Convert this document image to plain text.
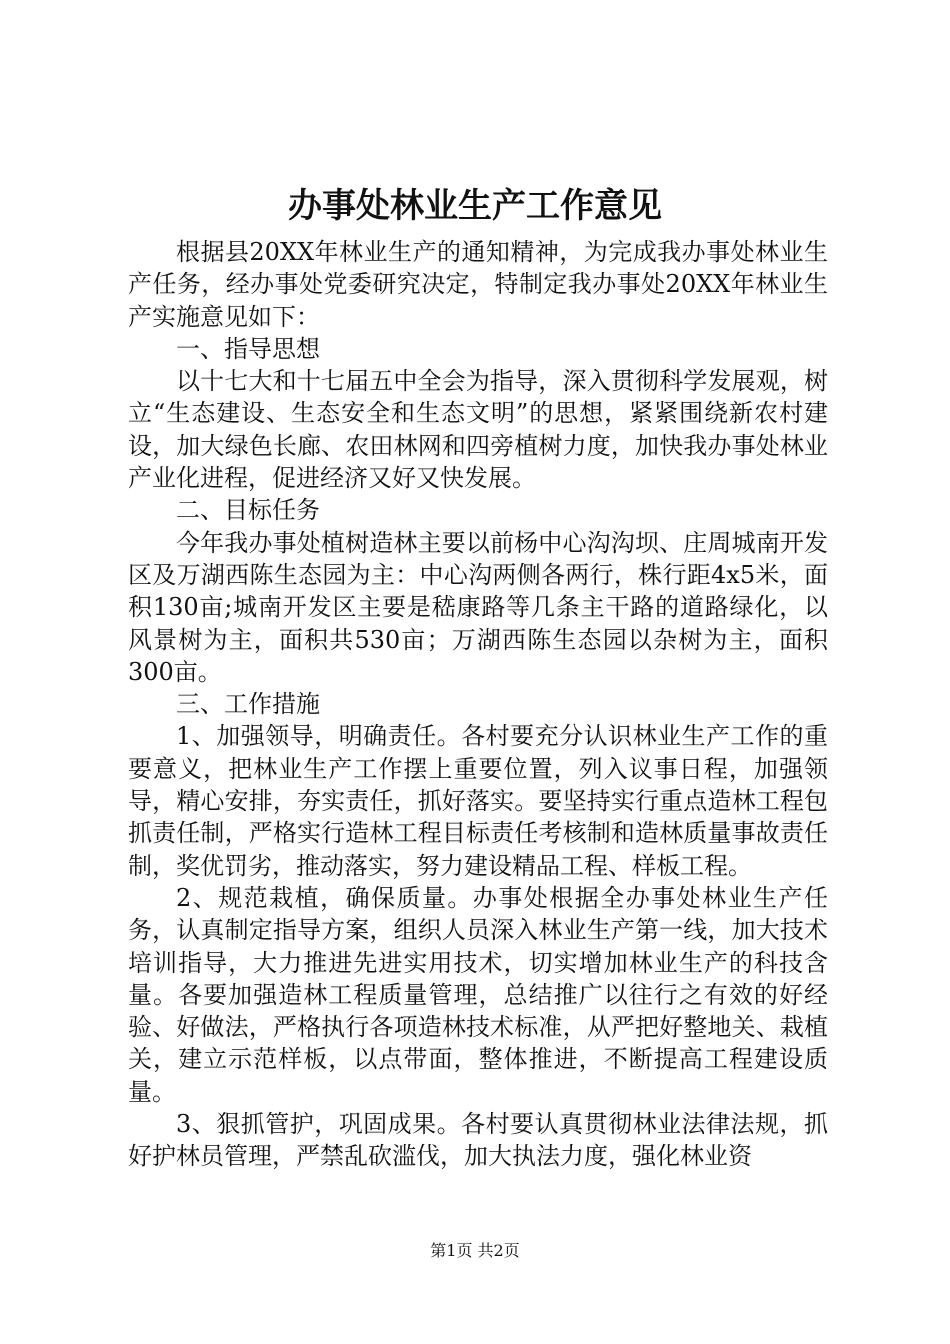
办事处林业生产工作意见

根据县20XX年林业生产的通知精神，为完成我办事处林业生产任务，经办事处党委研究决定，特制定我办事处20XX年林业生产实施意见如下：

一、指导思想

以十七大和十七届五中全会为指导，深入贯彻科学发展观，树立“生态建设、生态安全和生态文明”的思想，紧紧围绕新农村建设，加大绿色长廊、农田林网和四旁植树力度，加快我办事处林业产业化进程，促进经济又好又快发展。

二、目标任务

今年我办事处植树造林主要以前杨中心沟沟坝、庄周城南开发区及万湖西陈生态园为主：中心沟两侧各两行，株行距4x5米，面积130亩;城南开发区主要是嵇康路等几条主干路的道路绿化，以风景树为主，面积共530亩；万湖西陈生态园以杂树为主，面积300亩。

三、工作措施

1、加强领导，明确责任。各村要充分认识林业生产工作的重要意义，把林业生产工作摆上重要位置，列入议事日程，加强领导，精心安排，夯实责任，抓好落实。要坚持实行重点造林工程包抓责任制，严格实行造林工程目标责任考核制和造林质量事故责任制，奖优罚劣，推动落实，努力建设精品工程、样板工程。

2、规范栽植，确保质量。办事处根据全办事处林业生产任务，认真制定指导方案，组织人员深入林业生产第一线，加大技术培训指导，大力推进先进实用技术，切实增加林业生产的科技含量。各要加强造林工程质量管理，总结推广以往行之有效的好经验、好做法，严格执行各项造林技术标准，从严把好整地关、栽植关，建立示范样板，以点带面，整体推进，不断提高工程建设质量。

3、狠抓管护，巩固成果。各村要认真贯彻林业法律法规，抓好护林员管理，严禁乱砍滥伐，加大执法力度，强化林业资

第1页 共2页
